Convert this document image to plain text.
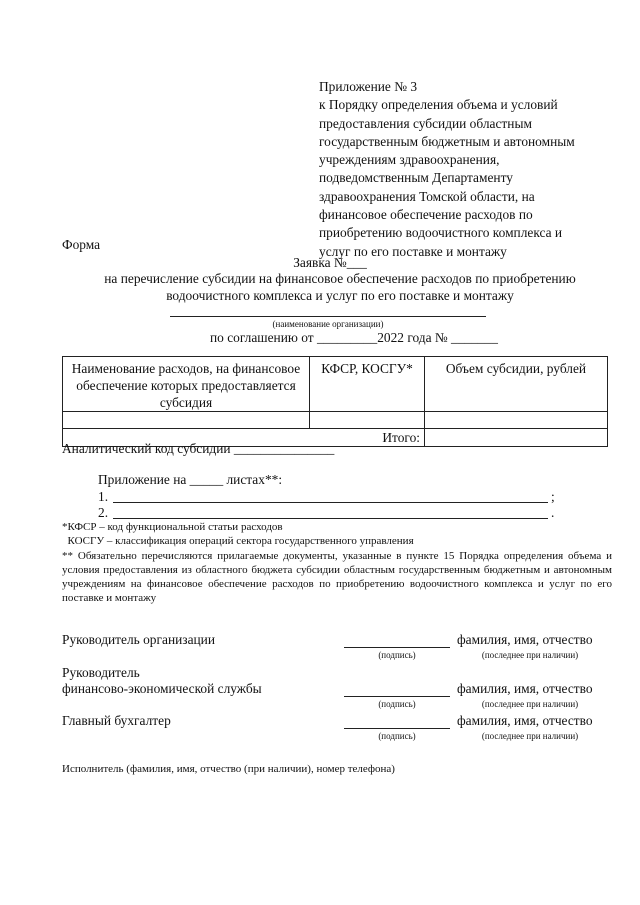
Приложение № 3
к Порядку определения объема и условий
предоставления субсидии областным
государственным бюджетным и автономным
учреждениям здравоохранения,
подведомственным Департаменту
здравоохранения Томской области, на
финансовое обеспечение расходов по
приобретению водоочистного комплекса и
услуг по его поставке и монтажу
Форма
Заявка №___
на перечисление субсидии на финансовое обеспечение расходов по приобретению
водоочистного комплекса и услуг по его поставке и монтажу
(наименование организации)
по соглашению от _________2022 года № _______
Наименование расходов, на финансовое обеспечение которых предоставляется субсидия	КФСР, КОСГУ*	Объем субсидии, рублей

Итого:		
Аналитический код субсидии _______________
Приложение на _____ листах**:
1.	;
2.	.
*КФСР – код функциональной статьи расходов
КОСГУ – классификация операций сектора государственного управления
** Обязательно перечисляются прилагаемые документы, указанные в пункте 15 Порядка определения объема и условия предоставления из областного бюджета субсидии областным государственным бюджетным и автономным учреждениям на финансовое обеспечение расходов по приобретению водоочистного комплекса и услуг по его поставке и монтажу
Руководитель организации	фамилия, имя, отчество
(подпись)	(последнее при наличии)
Руководитель
финансово-экономической службы	фамилия, имя, отчество
(подпись)	(последнее при наличии)
Главный бухгалтер	фамилия, имя, отчество
(подпись)	(последнее при наличии)
Исполнитель (фамилия, имя, отчество (при наличии), номер телефона)
